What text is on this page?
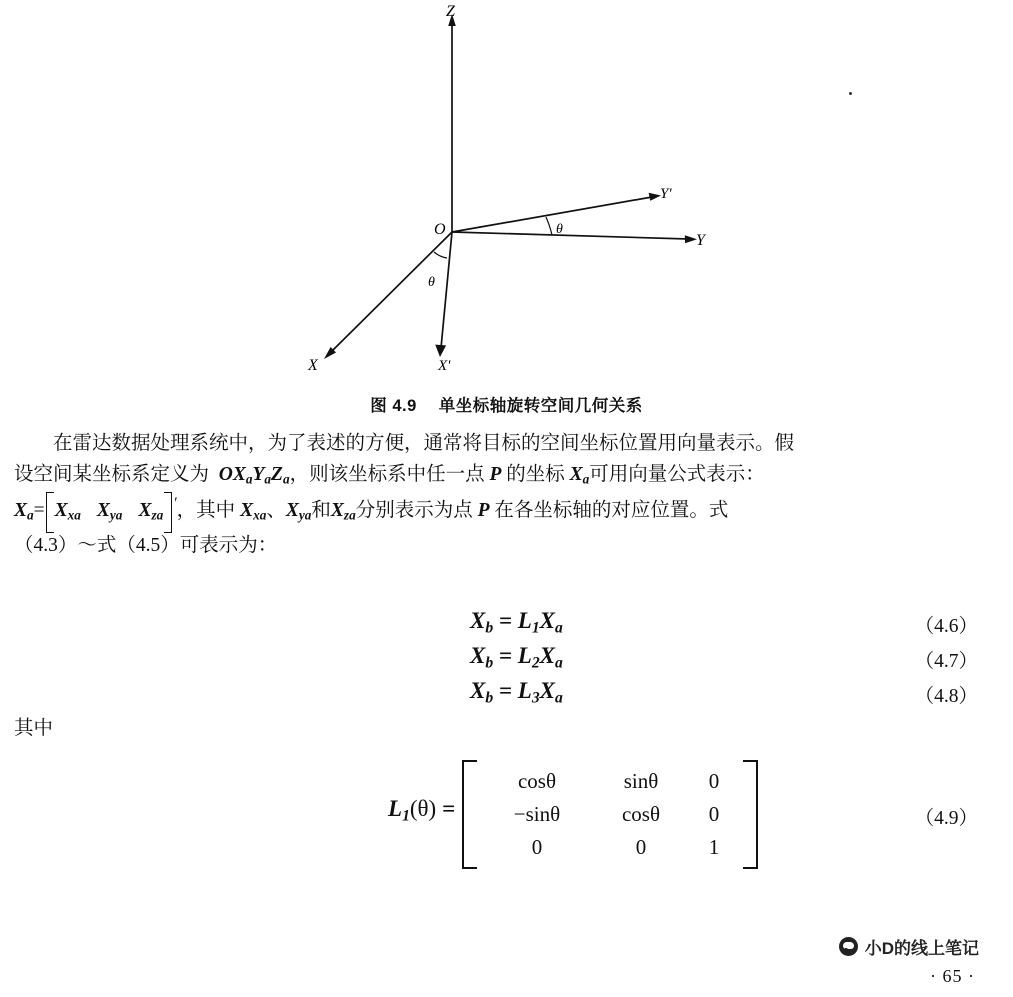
Z
Y
Y'
X	X'
O	θ
θ
图 4.9 单坐标轴旋转空间几何关系

在雷达数据处理系统中，为了表述的方便，通常将目标的空间坐标位置用向量表示。假

设空间某坐标系定义为 $OX_aY_aZ_a$，则该坐标系中任一点 P 的坐标 $X_a$可用向量公式表示：

$X_a= X_{xa}$ $X_{ya}$ $X_{za}'$，其中 $X_{xa}$、$X_{ya}$和$X_{za}$分别表示为点 P 在各坐标轴的对应位置。式

（4.3）～式（4.5）可表示为：

$X_b = L_1X_a$	（4.6）
$X_b = L_2X_a$	（4.7）
$X_b = L_3X_a$	（4.8）
其中
$L_1(\theta)$ =
cosθ	sinθ	0
−sinθ	cosθ	0
0	0	1
（4.9）
小D的线上笔记
· 65 ·
